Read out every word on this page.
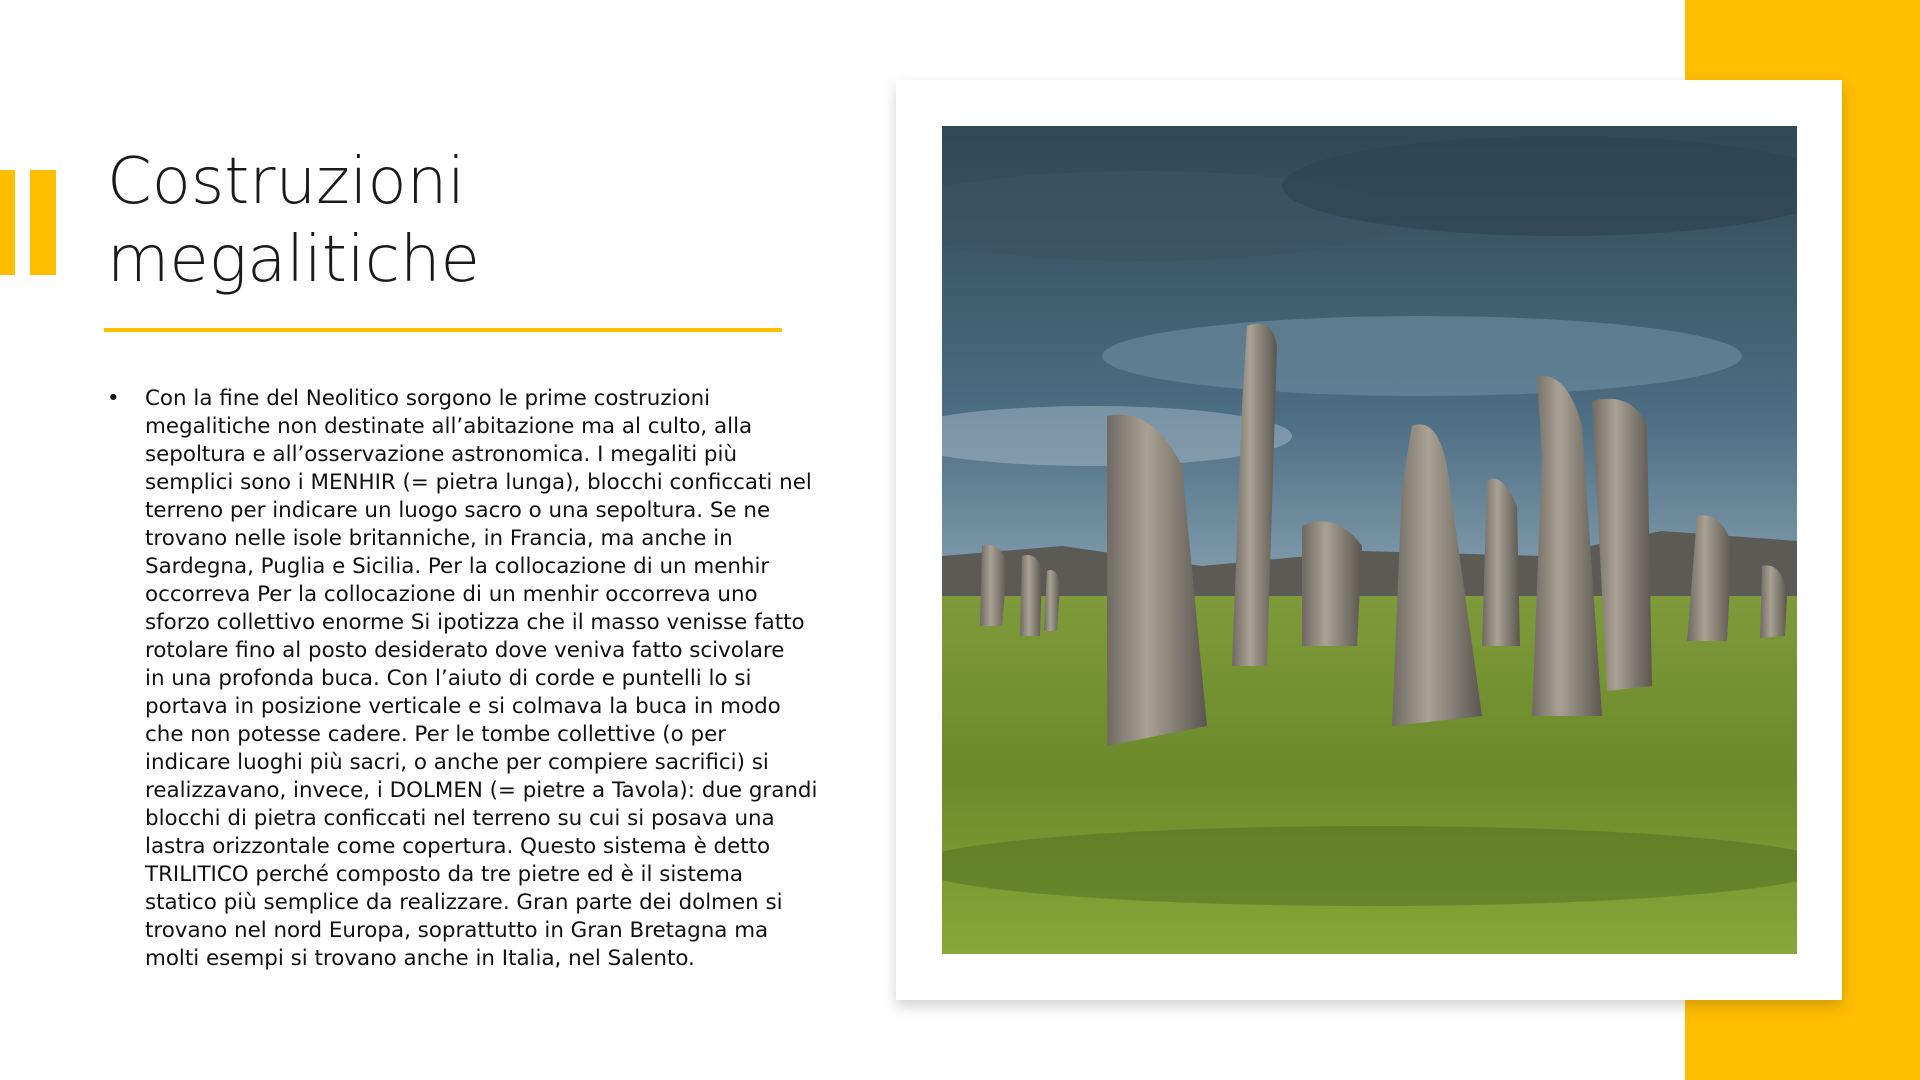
Costruzioni
megalitiche
•	Con la fine del Neolitico sorgono le prime costruzioni
megalitiche non destinate all’abitazione ma al culto, alla
sepoltura e all’osservazione astronomica. I megaliti più
semplici sono i MENHIR (= pietra lunga), blocchi conficcati nel
terreno per indicare un luogo sacro o una sepoltura. Se ne
trovano nelle isole britanniche, in Francia, ma anche in
Sardegna, Puglia e Sicilia. Per la collocazione di un menhir
occorreva Per la collocazione di un menhir occorreva uno
sforzo collettivo enorme Si ipotizza che il masso venisse fatto
rotolare fino al posto desiderato dove veniva fatto scivolare
in una profonda buca. Con l’aiuto di corde e puntelli lo si
portava in posizione verticale e si colmava la buca in modo
che non potesse cadere. Per le tombe collettive (o per
indicare luoghi più sacri, o anche per compiere sacrifici) si
realizzavano, invece, i DOLMEN (= pietre a Tavola): due grandi
blocchi di pietra conficcati nel terreno su cui si posava una
lastra orizzontale come copertura. Questo sistema è detto
TRILITICO perché composto da tre pietre ed è il sistema
statico più semplice da realizzare. Gran parte dei dolmen si
trovano nel nord Europa, soprattutto in Gran Bretagna ma
molti esempi si trovano anche in Italia, nel Salento.
